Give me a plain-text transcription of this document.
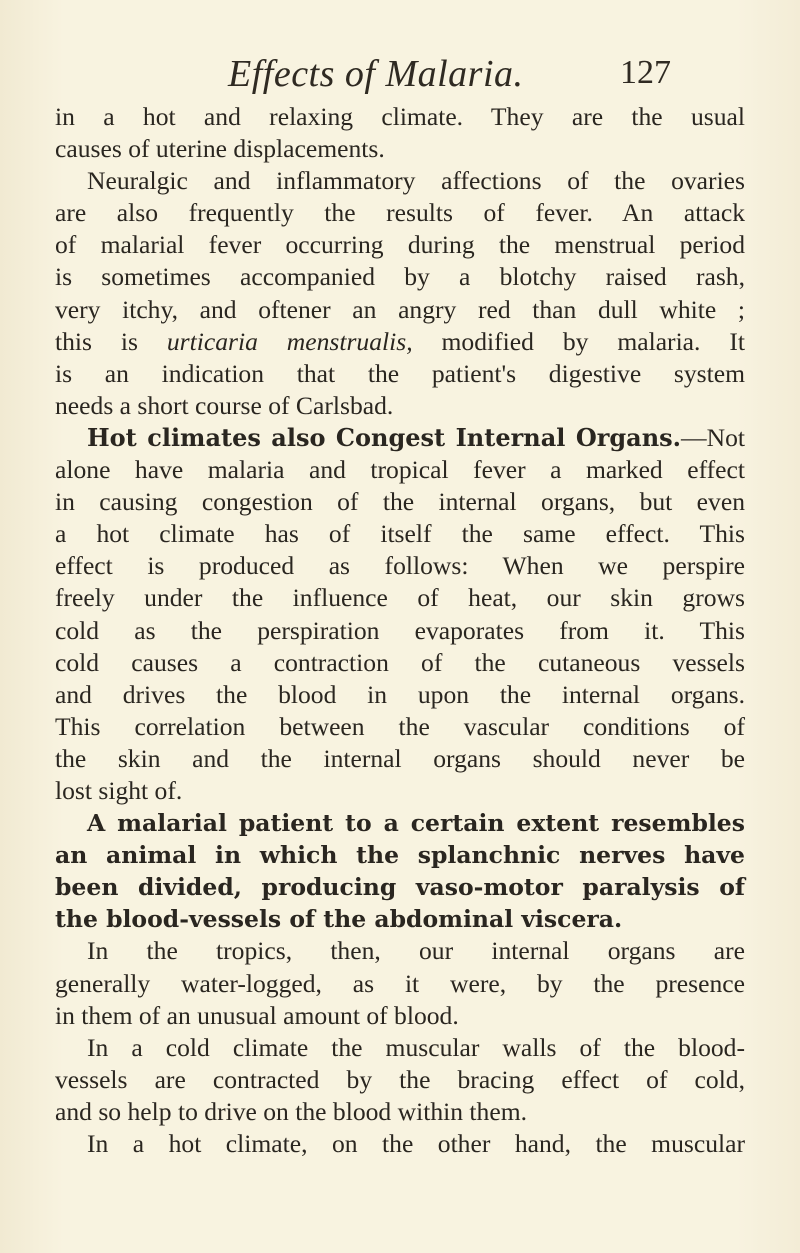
Effects of Malaria.	127
in a hot and relaxing climate. They are the usual
causes of uterine displacements.
Neuralgic and inflammatory affections of the ovaries
are also frequently the results of fever. An attack
of malarial fever occurring during the menstrual period
is sometimes accompanied by a blotchy raised rash,
very itchy, and oftener an angry red than dull white ;
this is urticaria menstrualis, modified by malaria. It
is an indication that the patient's digestive system
needs a short course of Carlsbad.
Hot climates also Congest Internal Organs.—Not
alone have malaria and tropical fever a marked effect
in causing congestion of the internal organs, but even
a hot climate has of itself the same effect. This
effect is produced as follows: When we perspire
freely under the influence of heat, our skin grows
cold as the perspiration evaporates from it. This
cold causes a contraction of the cutaneous vessels
and drives the blood in upon the internal organs.
This correlation between the vascular conditions of
the skin and the internal organs should never be
lost sight of.
A malarial patient to a certain extent resembles
an animal in which the splanchnic nerves have
been divided, producing vaso-motor paralysis of
the blood-vessels of the abdominal viscera.
In the tropics, then, our internal organs are
generally water-logged, as it were, by the presence
in them of an unusual amount of blood.
In a cold climate the muscular walls of the blood-
vessels are contracted by the bracing effect of cold,
and so help to drive on the blood within them.
In a hot climate, on the other hand, the muscular
